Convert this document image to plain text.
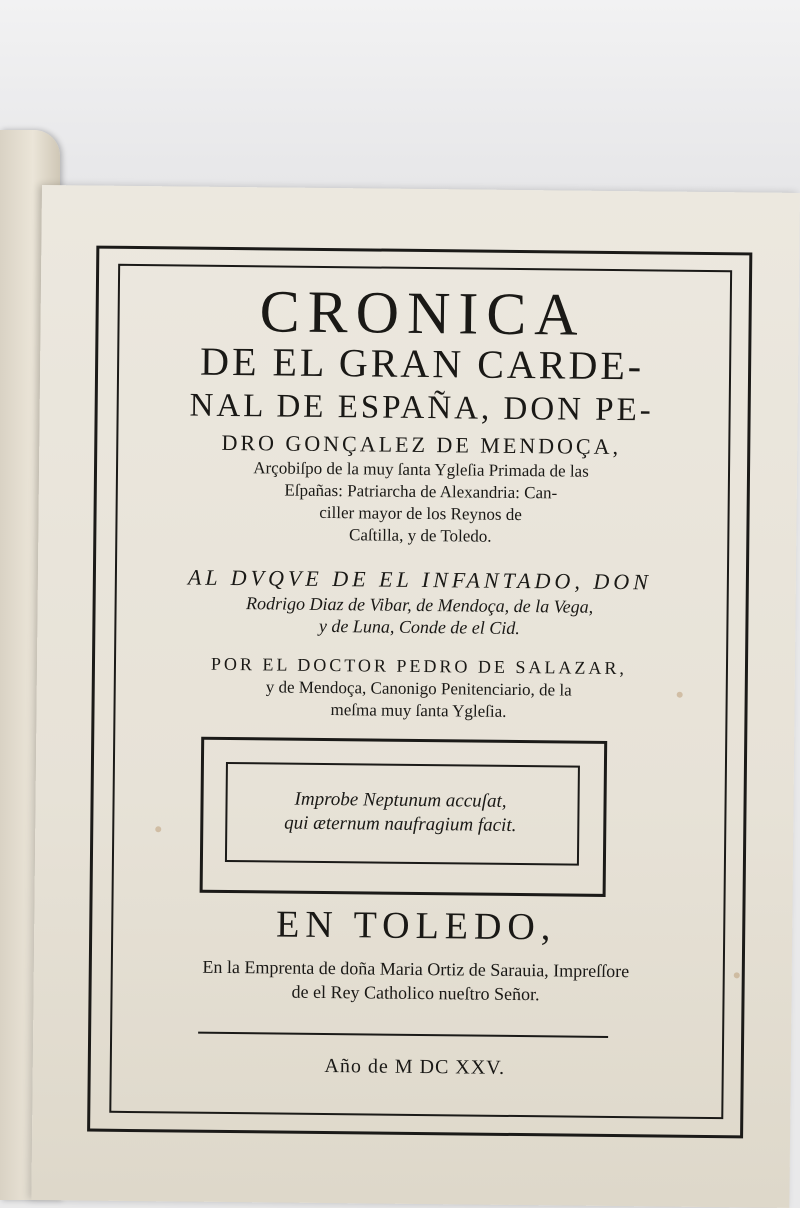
CRONICA
DE EL GRAN CARDE-
NAL DE ESPAÑA, DON PE-
DRO GONÇALEZ DE MENDOÇA,
Arçobiſpo de la muy ſanta Ygleſia Primada de las
Eſpañas: Patriarcha de Alexandria: Can-
ciller mayor de los Reynos de
Caſtilla, y de Toledo.
AL DVQVE DE EL INFANTADO, DON
Rodrigo Diaz de Vibar, de Mendoça, de la Vega,
y de Luna, Conde de el Cid.
POR EL DOCTOR PEDRO DE SALAZAR,
y de Mendoça, Canonigo Penitenciario, de la
meſma muy ſanta Ygleſia.
Improbe Neptunum accuſat,
qui æternum naufragium facit.
EN TOLEDO,
En la Emprenta de doña Maria Ortiz de Sarauia, Impreſſore
de el Rey Catholico nueſtro Señor.
Año de M DC XXV.
